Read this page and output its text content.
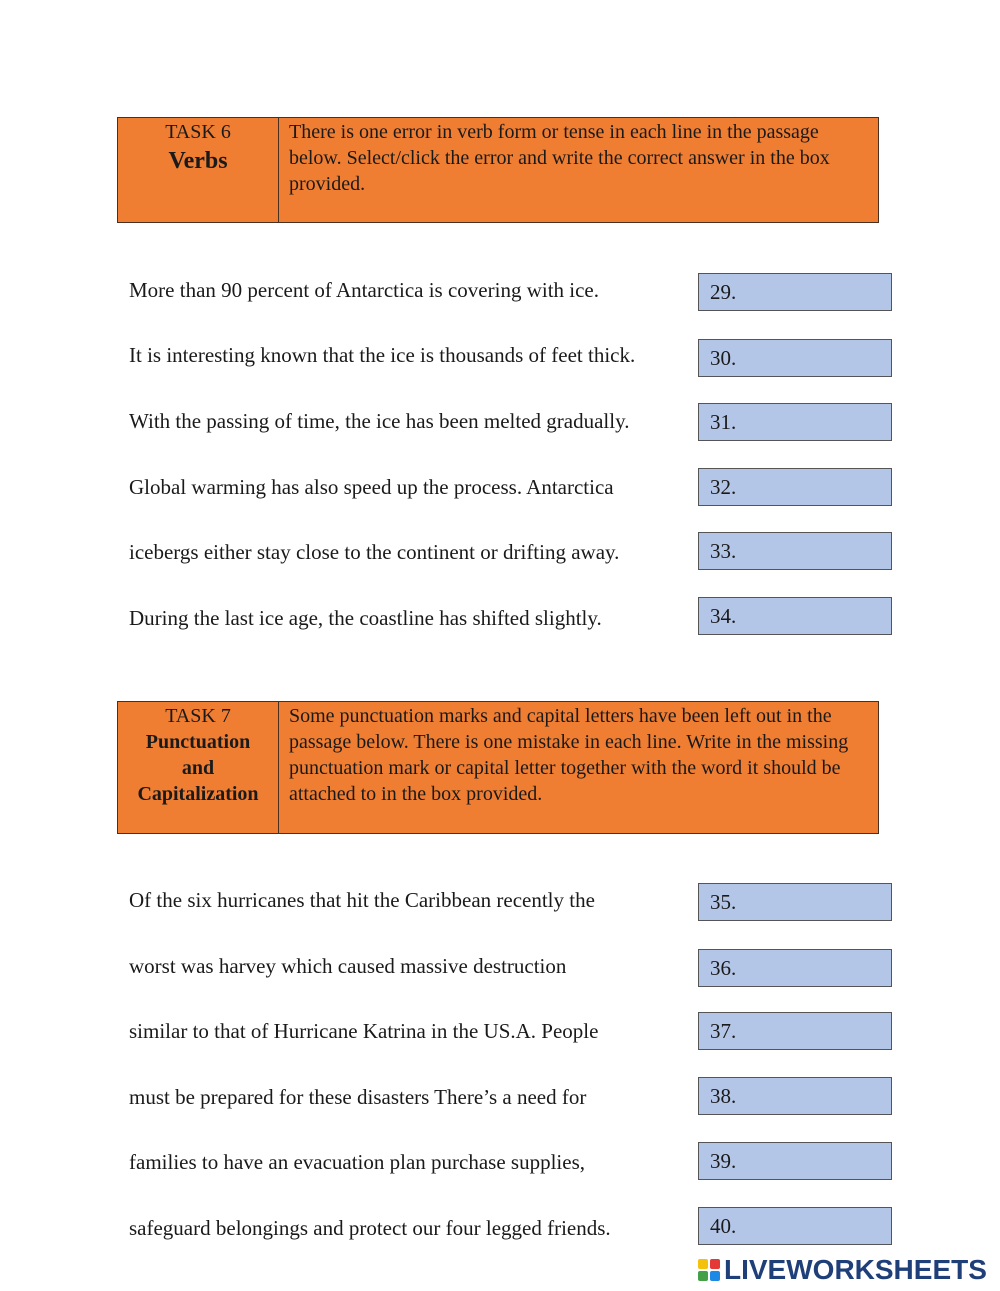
TASK 6
Verbs
There is one error in verb form or tense in each line in the passage below. Select/click the error and write the correct answer in the box provided.
More than 90 percent of Antarctica is covering with ice.
It is interesting known that the ice is thousands of feet thick.
With the passing of time, the ice has been melted gradually.
Global warming has also speed up the process. Antarctica
icebergs either stay close to the continent or drifting away.
During the last ice age, the coastline has shifted slightly.
29.
30.
31.
32.
33.
34.
TASK 7
Punctuation
and
Capitalization
Some punctuation marks and capital letters have been left out in the passage below. There is one mistake in each line. Write in the missing punctuation mark or capital letter together with the word it should be attached to in the box provided.
Of the six hurricanes that hit the Caribbean recently the
worst was harvey which caused massive destruction
similar to that of Hurricane Katrina in the US.A. People
must be prepared for these disasters There’s a need for
families to have an evacuation plan purchase supplies,
safeguard belongings and protect our four legged friends.
35.
36.
37.
38.
39.
40.
LIVEWORKSHEETS
